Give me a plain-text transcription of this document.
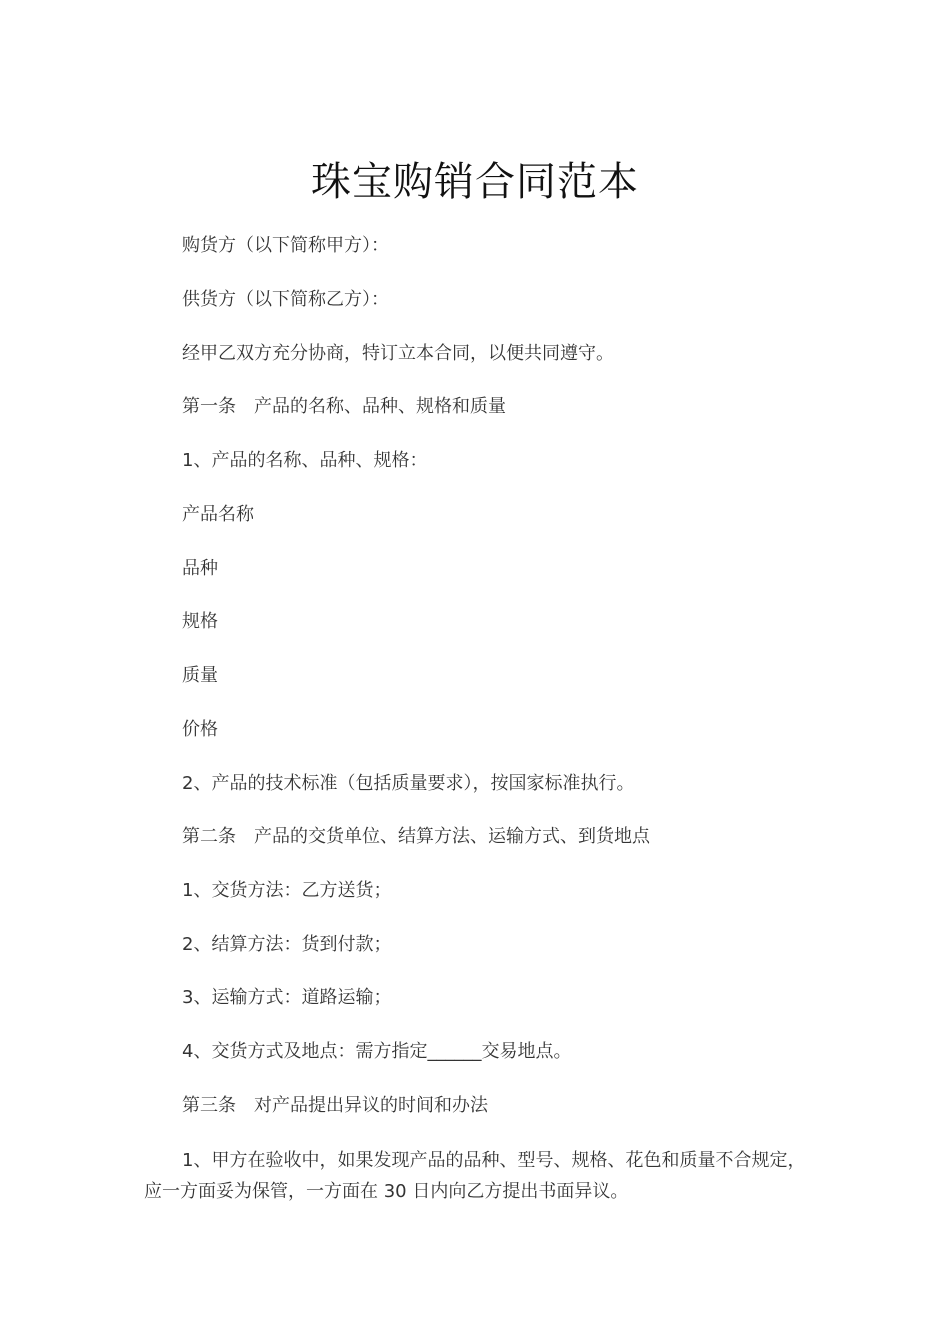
珠宝购销合同范本

购货方（以下简称甲方）：

供货方（以下简称乙方）：

经甲乙双方充分协商，特订立本合同，以便共同遵守。

第一条　产品的名称、品种、规格和质量

1、产品的名称、品种、规格：

产品名称

品种

规格

质量

价格

2、产品的技术标准（包括质量要求），按国家标准执行。

第二条　产品的交货单位、结算方法、运输方式、到货地点

1、交货方法：乙方送货；

2、结算方法：货到付款；

3、运输方式：道路运输；

4、交货方式及地点：需方指定______交易地点。

第三条　对产品提出异议的时间和办法

1、甲方在验收中，如果发现产品的品种、型号、规格、花色和质量不合规定，应一方面妥为保管，一方面在 30 日内向乙方提出书面异议。
